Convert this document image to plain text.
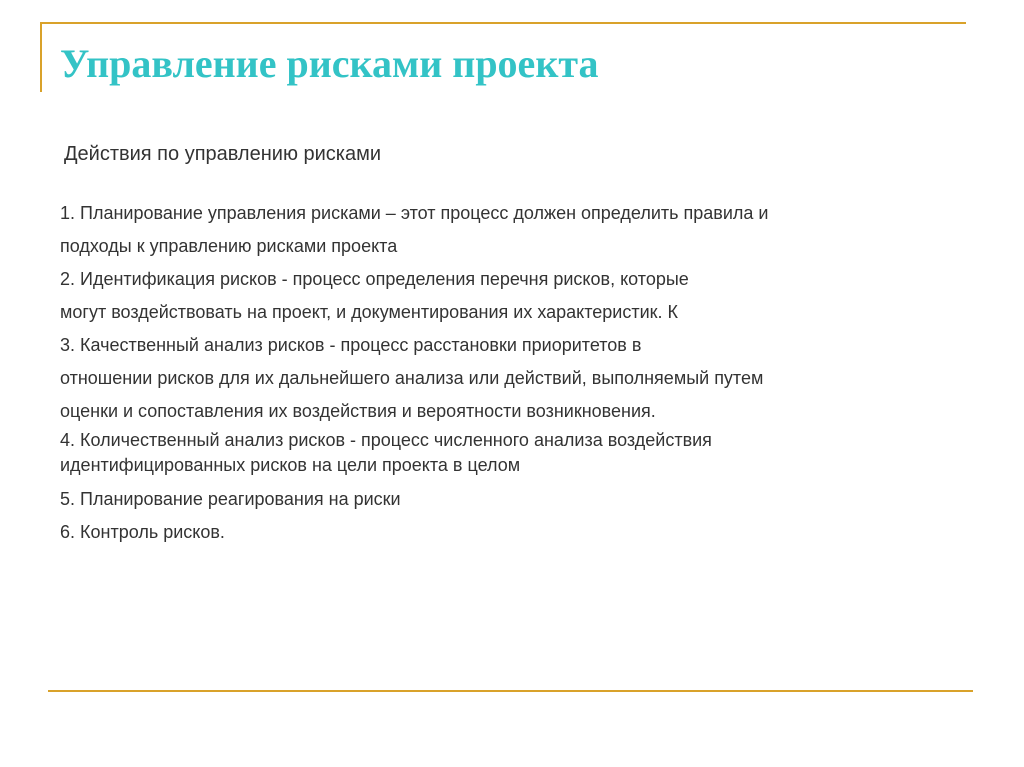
Управление рисками проекта
Действия по управлению рисками
1. Планирование управления рисками – этот процесс должен определить правила и
подходы к управлению рисками проекта
2. Идентификация рисков - процесс определения перечня рисков, которые
могут воздействовать на проект, и документирования их характеристик. К
3. Качественный анализ рисков - процесс расстановки приоритетов в
отношении рисков для их дальнейшего анализа или действий, выполняемый путем
оценки и сопоставления их воздействия и вероятности возникновения.
4. Количественный анализ рисков - процесс численного анализа воздействия
идентифицированных рисков на цели проекта в целом
5. Планирование реагирования на риски
6. Контроль рисков.
